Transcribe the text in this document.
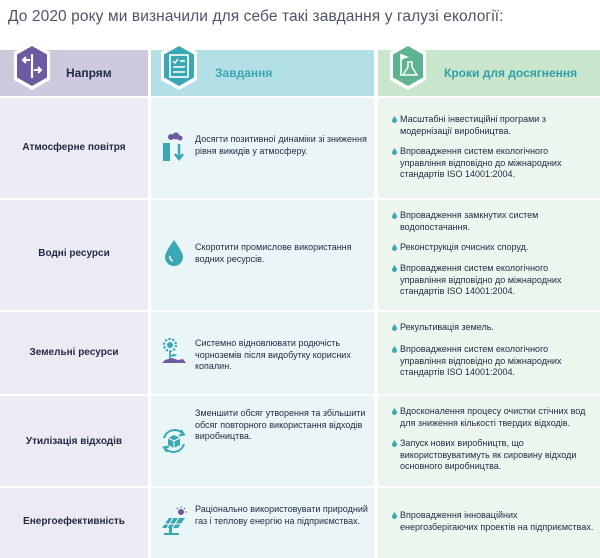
До 2020 року ми визначили для себе такі завдання у галузі екології:
Напрям	Завдання	Кроки для досягнення
Атмосферне повітря
Досягти позитивної динаміки зі зниження рівня викидів у атмосферу.
Масштабні інвестиційні програми з модернізації виробництва.
Впровадження систем екологічного управління відповідно до міжнародних стандартів ISO 14001:2004.
Водні ресурси
Скоротити промислове використання водних ресурсів.
Впровадження замкнутих систем водопостачання.
Реконструкція очисних споруд.
Впровадження систем екологічного управління відповідно до міжнародних стандартів ISO 14001:2004.
Земельні ресурси
Системно відновлювати родючість чорноземів після видобутку корисних копалин.
Рекультивація земель.
Впровадження систем екологічного управління відповідно до міжнародних стандартів ISO 14001:2004.
Утилізація відходів
Зменшити обсяг утворення та збільшити обсяг повторного використання відходів виробництва.
Вдосконалення процесу очистки стічних вод для зниження кількості твердих відходів.
Запуск нових виробництв, що використовуватимуть як сировину відходи основного виробництва.
Енергоефективність
Раціонально використовувати природний газ і теплову енергію на підприємствах.
Впровадження інноваційних енергозберігаючих проектів на підприємствах.
